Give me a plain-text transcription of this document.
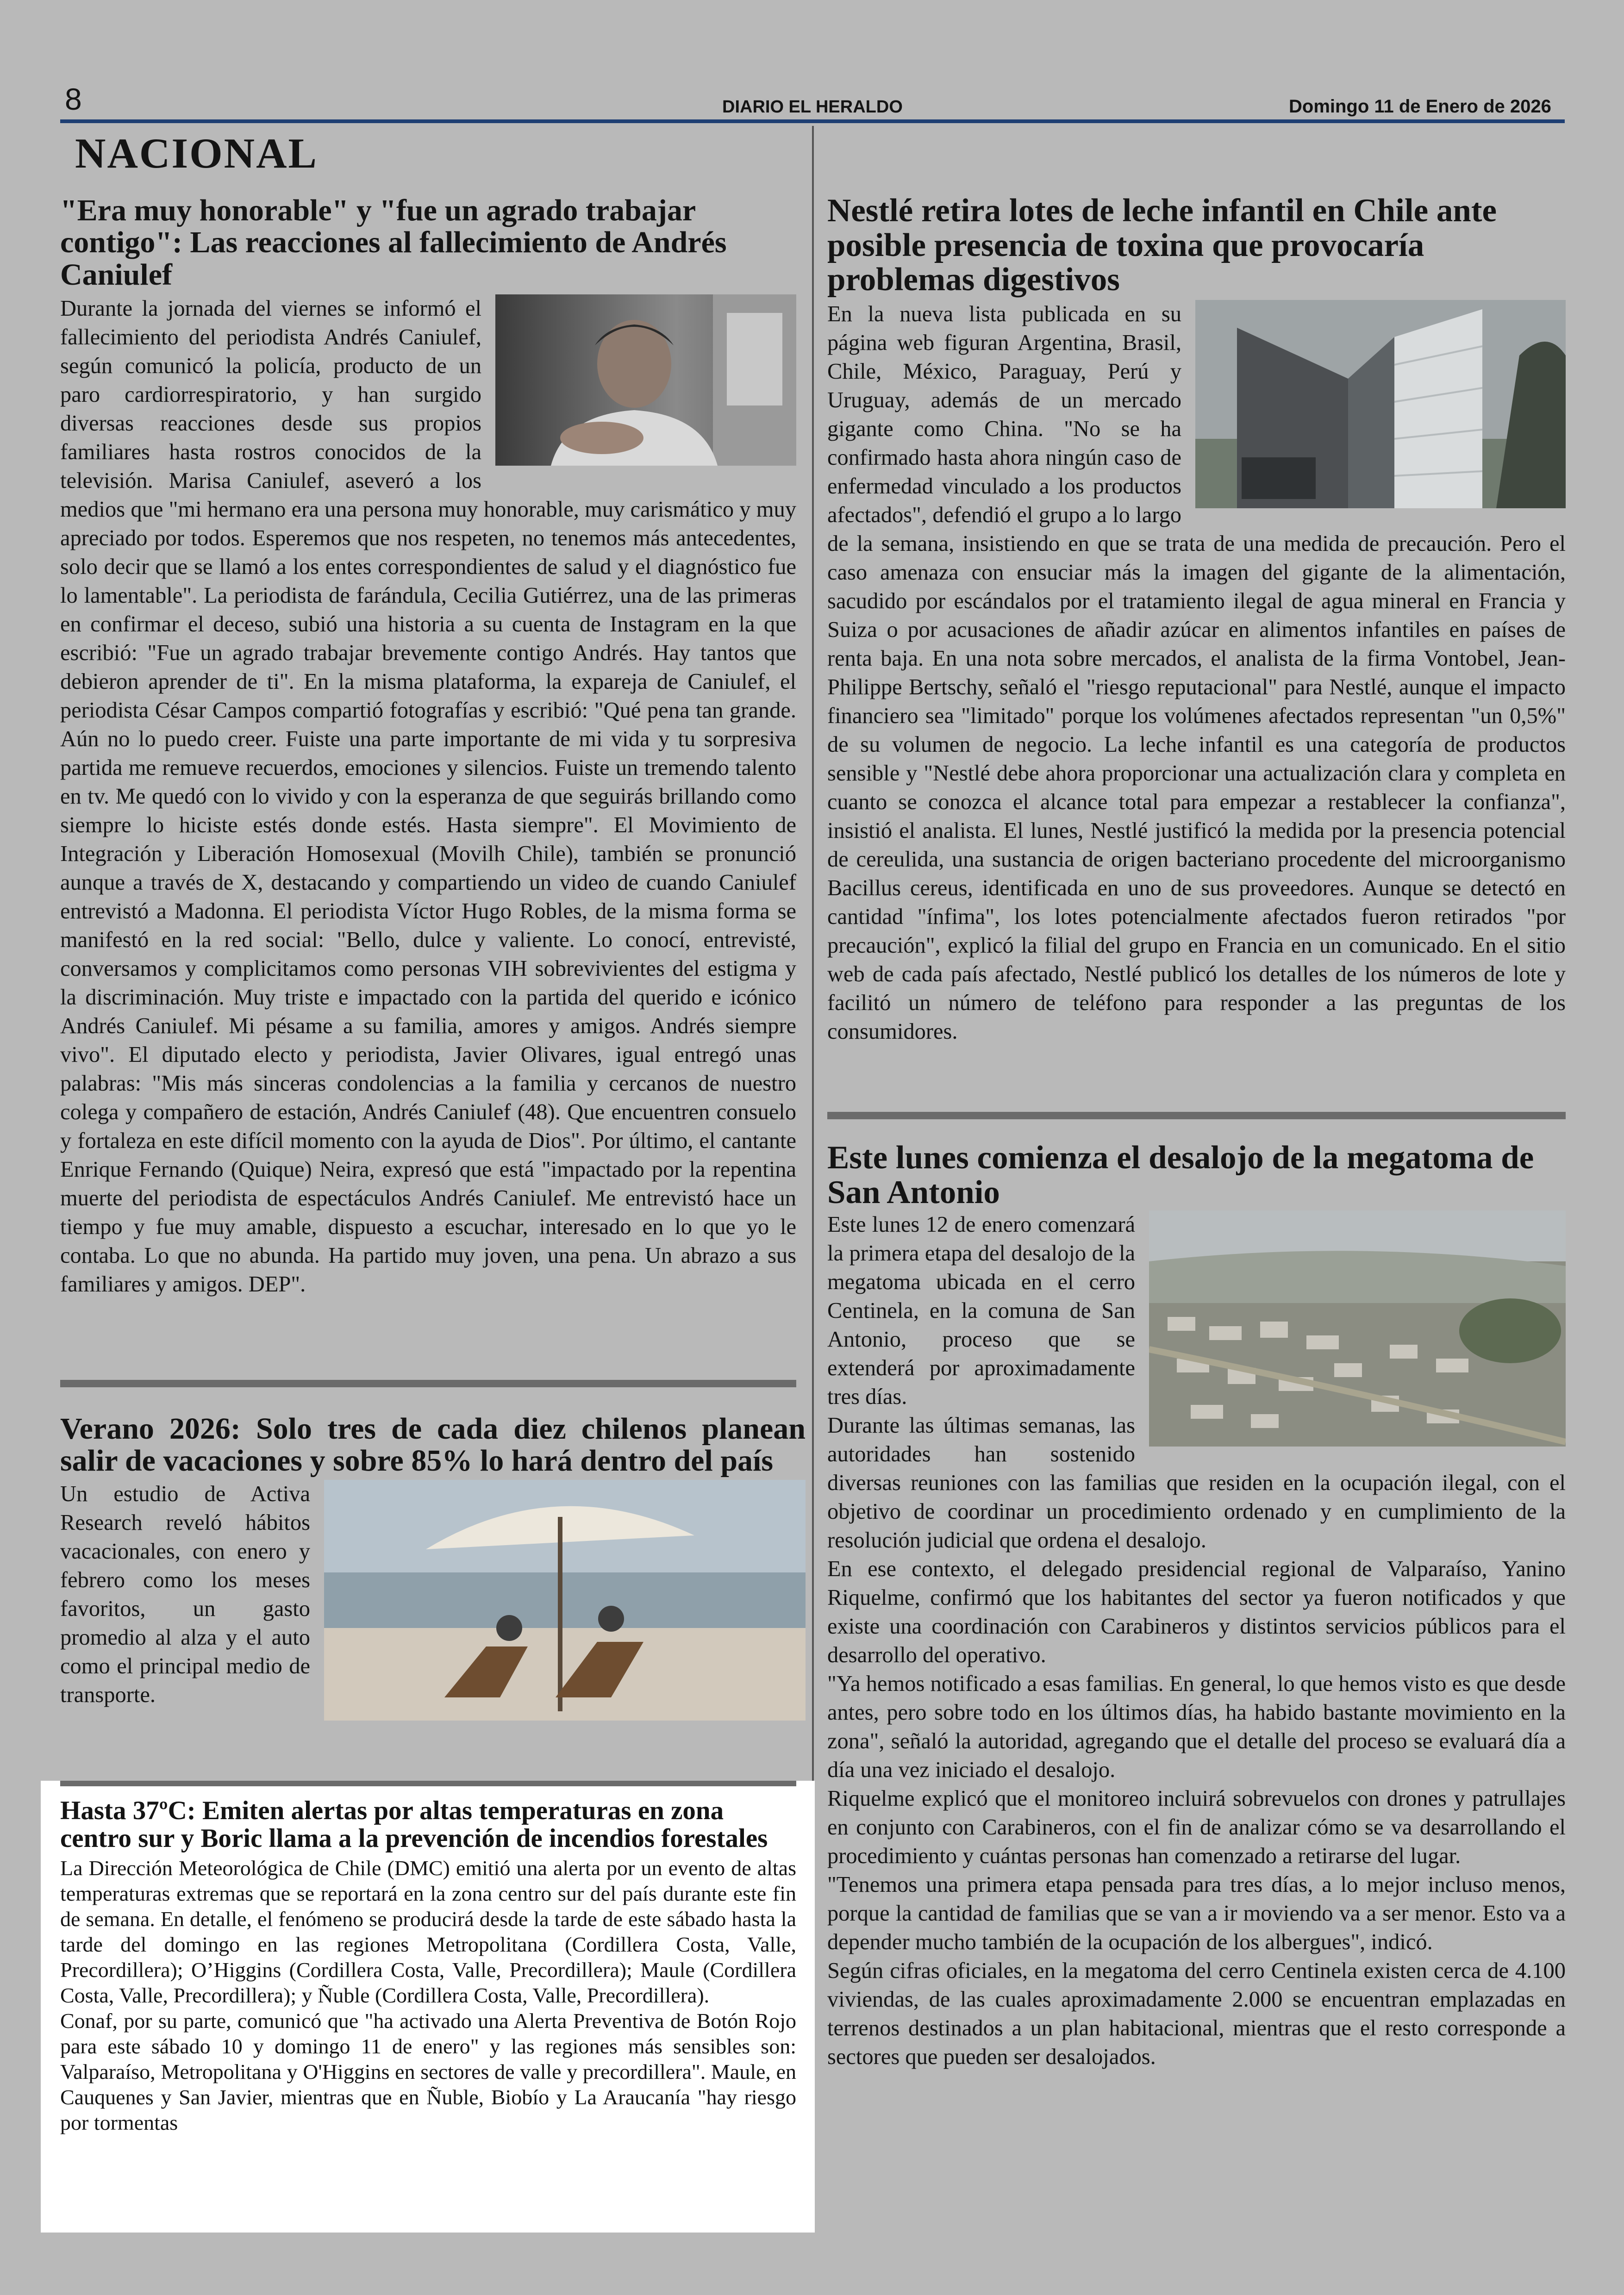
8	DIARIO EL HERALDO	Domingo 11 de Enero de 2026
NACIONAL
"Era muy honorable" y "fue un agrado trabajar contigo": Las reacciones al fallecimiento de Andrés Caniulef
Durante la jornada del viernes se informó el fallecimiento del periodista Andrés Caniulef, según comunicó la policía, producto de un paro cardiorrespiratorio, y han surgido diversas reacciones desde sus propios familiares hasta rostros conocidos de la televisión. Marisa Caniulef, aseveró a los medios que "mi hermano era una persona muy honorable, muy carismático y muy apreciado por todos. Esperemos que nos respeten, no tenemos más antecedentes, solo decir que se llamó a los entes correspondientes de salud y el diagnóstico fue lo lamentable". La periodista de farándula, Cecilia Gutiérrez, una de las primeras en confirmar el deceso, subió una historia a su cuenta de Instagram en la que escribió: "Fue un agrado trabajar brevemente contigo Andrés. Hay tantos que debieron aprender de ti". En la misma plataforma, la expareja de Caniulef, el periodista César Campos compartió fotografías y escribió: "Qué pena tan grande. Aún no lo puedo creer. Fuiste una parte importante de mi vida y tu sorpresiva partida me remueve recuerdos, emociones y silencios. Fuiste un tremendo talento en tv. Me quedó con lo vivido y con la esperanza de que seguirás brillando como siempre lo hiciste estés donde estés. Hasta siempre". El Movimiento de Integración y Liberación Homosexual (Movilh Chile), también se pronunció aunque a través de X, destacando y compartiendo un video de cuando Caniulef entrevistó a Madonna. El periodista Víctor Hugo Robles, de la misma forma se manifestó en la red social: "Bello, dulce y valiente. Lo conocí, entrevisté, conversamos y complicitamos como personas VIH sobrevivientes del estigma y la discriminación. Muy triste e impactado con la partida del querido e icónico Andrés Caniulef. Mi pésame a su familia, amores y amigos. Andrés siempre vivo". El diputado electo y periodista, Javier Olivares, igual entregó unas palabras: "Mis más sinceras condolencias a la familia y cercanos de nuestro colega y compañero de estación, Andrés Caniulef (48). Que encuentren consuelo y fortaleza en este difícil momento con la ayuda de Dios". Por último, el cantante Enrique Fernando (Quique) Neira, expresó que está "impactado por la repentina muerte del periodista de espectáculos Andrés Caniulef. Me entrevistó hace un tiempo y fue muy amable, dispuesto a escuchar, interesado en lo que yo le contaba. Lo que no abunda. Ha partido muy joven, una pena. Un abrazo a sus familiares y amigos. DEP".
Verano 2026: Solo tres de cada diez chilenos planean salir de vacaciones y sobre 85% lo hará dentro del país
Un estudio de Activa Research reveló hábitos vacacionales, con enero y febrero como los meses favoritos, un gasto promedio al alza y el auto como el principal medio de transporte.
Hasta 37ºC: Emiten alertas por altas temperaturas en zona centro sur y Boric llama a la prevención de incendios forestales

La Dirección Meteorológica de Chile (DMC) emitió una alerta por un evento de altas temperaturas extremas que se reportará en la zona centro sur del país durante este fin de semana. En detalle, el fenómeno se producirá desde la tarde de este sábado hasta la tarde del domingo en las regiones Metropolitana (Cordillera Costa, Valle, Precordillera); O’Higgins (Cordillera Costa, Valle, Precordillera); Maule (Cordillera Costa, Valle, Precordillera); y Ñuble (Cordillera Costa, Valle, Precordillera).

Conaf, por su parte, comunicó que "ha activado una Alerta Preventiva de Botón Rojo para este sábado 10 y domingo 11 de enero" y las regiones más sensibles son: Valparaíso, Metropolitana y O'Higgins en sectores de valle y precordillera". Maule, en Cauquenes y San Javier, mientras que en Ñuble, Biobío y La Araucanía "hay riesgo por tormentas

Nestlé retira lotes de leche infantil en Chile ante posible presencia de toxina que provocaría problemas digestivos
En la nueva lista publicada en su página web figuran Argentina, Brasil, Chile, México, Paraguay, Perú y Uruguay, además de un mercado gigante como China. "No se ha confirmado hasta ahora ningún caso de enfermedad vinculado a los productos afectados", defendió el grupo a lo largo de la semana, insistiendo en que se trata de una medida de precaución. Pero el caso amenaza con ensuciar más la imagen del gigante de la alimentación, sacudido por escándalos por el tratamiento ilegal de agua mineral en Francia y Suiza o por acusaciones de añadir azúcar en alimentos infantiles en países de renta baja. En una nota sobre mercados, el analista de la firma Vontobel, Jean-Philippe Bertschy, señaló el "riesgo reputacional" para Nestlé, aunque el impacto financiero sea "limitado" porque los volúmenes afectados representan "un 0,5%" de su volumen de negocio. La leche infantil es una categoría de productos sensible y "Nestlé debe ahora proporcionar una actualización clara y completa en cuanto se conozca el alcance total para empezar a restablecer la confianza", insistió el analista. El lunes, Nestlé justificó la medida por la presencia potencial de cereulida, una sustancia de origen bacteriano procedente del microorganismo Bacillus cereus, identificada en uno de sus proveedores. Aunque se detectó en cantidad "ínfima", los lotes potencialmente afectados fueron retirados "por precaución", explicó la filial del grupo en Francia en un comunicado. En el sitio web de cada país afectado, Nestlé publicó los detalles de los números de lote y facilitó un número de teléfono para responder a las preguntas de los consumidores.
Este lunes comienza el desalojo de la megatoma de San Antonio

Este lunes 12 de enero comenzará la primera etapa del desalojo de la megatoma ubicada en el cerro Centinela, en la comuna de San Antonio, proceso que se extenderá por aproximadamente tres días.

Durante las últimas semanas, las autoridades han sostenido diversas reuniones con las familias que residen en la ocupación ilegal, con el objetivo de coordinar un procedimiento ordenado y en cumplimiento de la resolución judicial que ordena el desalojo.

En ese contexto, el delegado presidencial regional de Valparaíso, Yanino Riquelme, confirmó que los habitantes del sector ya fueron notificados y que existe una coordinación con Carabineros y distintos servicios públicos para el desarrollo del operativo.

"Ya hemos notificado a esas familias. En general, lo que hemos visto es que desde antes, pero sobre todo en los últimos días, ha habido bastante movimiento en la zona", señaló la autoridad, agregando que el detalle del proceso se evaluará día a día una vez iniciado el desalojo.

Riquelme explicó que el monitoreo incluirá sobrevuelos con drones y patrullajes en conjunto con Carabineros, con el fin de analizar cómo se va desarrollando el procedimiento y cuántas personas han comenzado a retirarse del lugar.

"Tenemos una primera etapa pensada para tres días, a lo mejor incluso menos, porque la cantidad de familias que se van a ir moviendo va a ser menor. Esto va a depender mucho también de la ocupación de los albergues", indicó.

Según cifras oficiales, en la megatoma del cerro Centinela existen cerca de 4.100 viviendas, de las cuales aproximadamente 2.000 se encuentran emplazadas en terrenos destinados a un plan habitacional, mientras que el resto corresponde a sectores que pueden ser desalojados.
